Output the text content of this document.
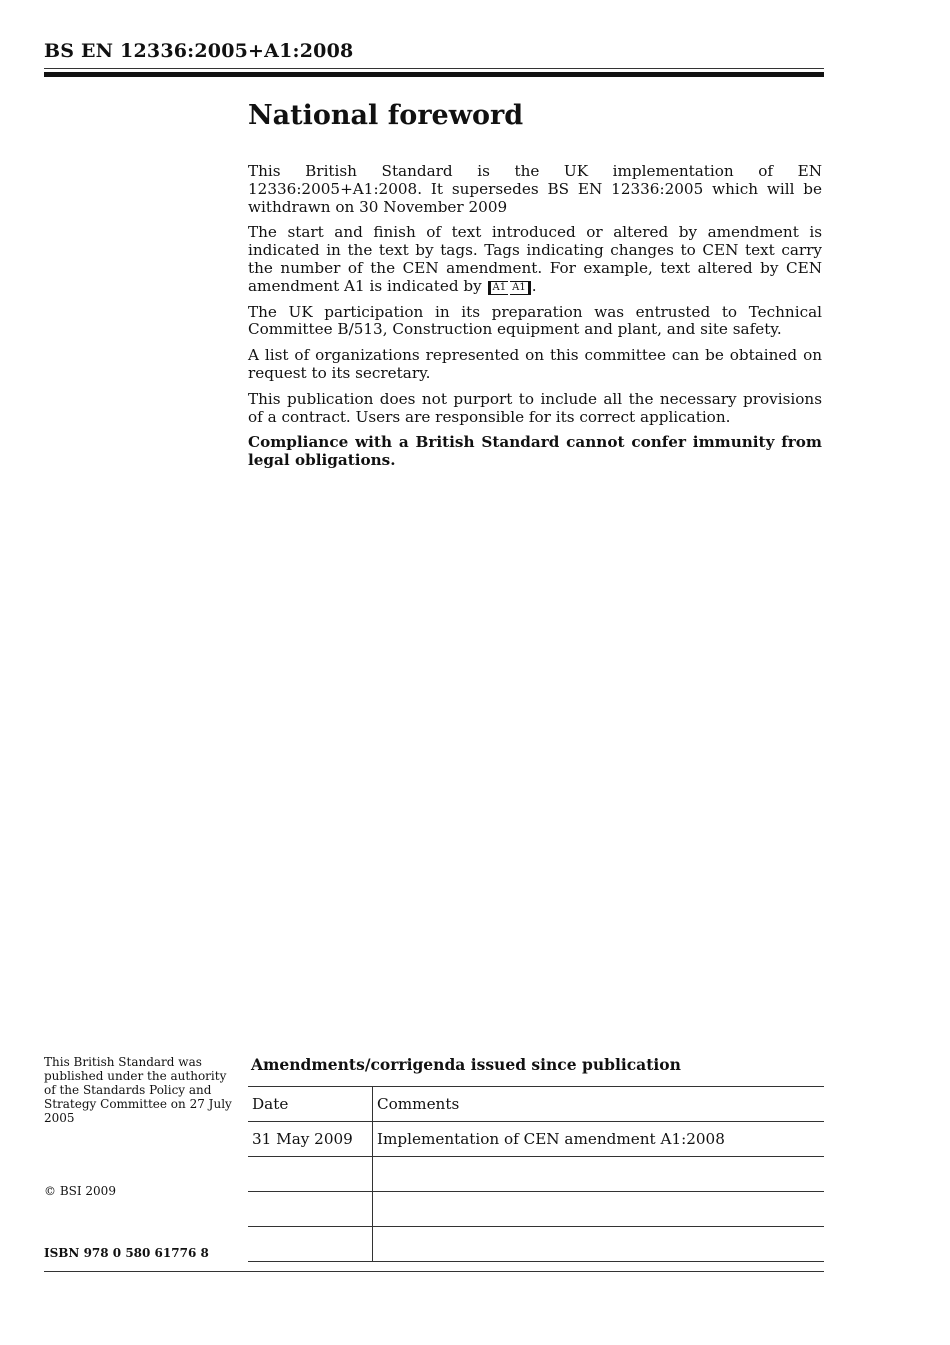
BS EN 12336:2005+A1:2008
National foreword

This British Standard is the UK implementation of EN 12336:2005+A1:2008. It supersedes BS EN 12336:2005 which will be withdrawn on 30 November 2009

The start and finish of text introduced or altered by amendment is indicated in the text by tags. Tags indicating changes to CEN text carry the number of the CEN amendment. For example, text altered by CEN amendment A1 is indicated by A1 A1 .

The UK participation in its preparation was entrusted to Technical Committee B/513, Construction equipment and plant, and site safety.

A list of organizations represented on this committee can be obtained on request to its secretary.

This publication does not purport to include all the necessary provisions of a contract. Users are responsible for its correct application.

Compliance with a British Standard cannot confer immunity from legal obligations.

This British Standard was published under the authority of the Standards Policy and Strategy Committee on 27 July 2005
© BSI 2009
ISBN 978 0 580 61776 8
Amendments/corrigenda issued since publication
Date	Comments
31 May 2009	Implementation of CEN amendment A1:2008
